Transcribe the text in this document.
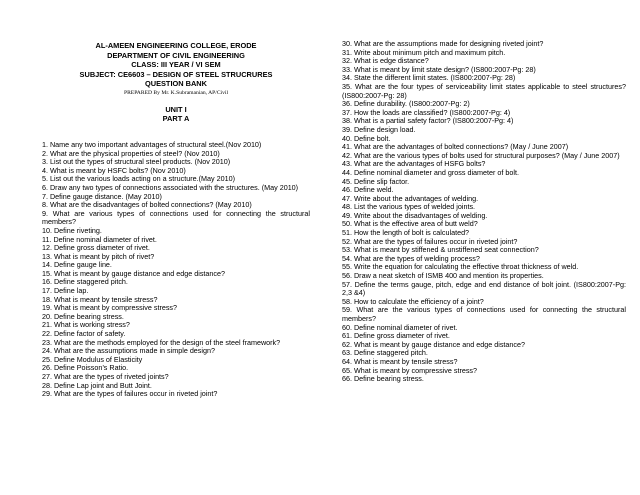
AL-AMEEN ENGINEERING COLLEGE, ERODE
DEPARTMENT OF CIVIL ENGINEERING
CLASS: III YEAR / VI SEM
SUBJECT: CE6603 – DESIGN OF STEEL STRUCRURES
QUESTION BANK
PREPARED By Mr. K.Subramanian, AP/Civil
UNIT I
PART A

1. Name any two important advantages of structural steel.(Nov 2010)

2. What are the physical properties of steel? (Nov 2010)

3. List out the types of structural steel products. (Nov 2010)

4. What is meant by HSFC bolts? (Nov 2010)

5. List out the various loads acting on a structure.(May 2010)

6. Draw any two types of connections associated with the structures. (May 2010)

7. Define gauge distance. (May 2010)

8. What are the disadvantages of bolted connections? (May 2010)

9. What are various types of connections used for connecting the structural members?

10. Define riveting.

11. Define nominal diameter of rivet.

12. Define gross diameter of rivet.

13. What is meant by pitch of rivet?

14. Define gauge line.

15. What is meant by gauge distance and edge distance?

16. Define staggered pitch.

17. Define lap.

18. What is meant by tensile stress?

19. What is meant by compressive stress?

20. Define bearing stress.

21. What is working stress?

22. Define factor of safety.

23. What are the methods employed for the design of the steel framework?

24. What are the assumptions made in simple design?

25. Define Modulus of Elasticity

26. Define Poisson’s Ratio.

27. What are the types of riveted joints?

28. Define Lap joint and Butt Joint.

29. What are the types of failures occur in riveted joint?

30. What are the assumptions made for designing riveted joint?

31. Write about minimum pitch and maximum pitch.

32. What is edge distance?

33. What is meant by limit state design? (IS800:2007-Pg: 28)

34. State the different limit states. (IS800:2007-Pg: 28)

35. What are the four types of serviceability limit states applicable to steel structures? (IS800:2007-Pg: 28)

36. Define durability. (IS800:2007-Pg: 2)

37. How the loads are classified? (IS800:2007-Pg: 4)

38. What is a partial safety factor? (IS800:2007-Pg: 4)

39. Define design load.

40. Define bolt.

41. What are the advantages of bolted connections? (May / June 2007)

42. What are the various types of bolts used for structural purposes? (May / June 2007)

43. What are the advantages of HSFG bolts?

44. Define nominal diameter and gross diameter of bolt.

45. Define slip factor.

46. Define weld.

47. Write about the advantages of welding.

48. List the various types of welded joints.

49. Write about the disadvantages of welding.

50. What is the effective area of butt weld?

51. How the length of bolt is calculated?

52. What are the types of failures occur in riveted joint?

53. What is meant by stiffened & unstiffened seat connection?

54. What are the types of welding process?

55. Write the equation for calculating the effective throat thickness of weld.

56. Draw a neat sketch of ISMB 400 and mention its properties.

57. Define the terms gauge, pitch, edge and end distance of bolt joint. (IS800:2007-Pg: 2,3 &4)

58. How to calculate the efficiency of a joint?

59. What are the various types of connections used for connecting the structural members?

60. Define nominal diameter of rivet.

61. Define gross diameter of rivet.

62. What is meant by gauge distance and edge distance?

63. Define staggered pitch.

64. What is meant by tensile stress?

65. What is meant by compressive stress?

66. Define bearing stress.
